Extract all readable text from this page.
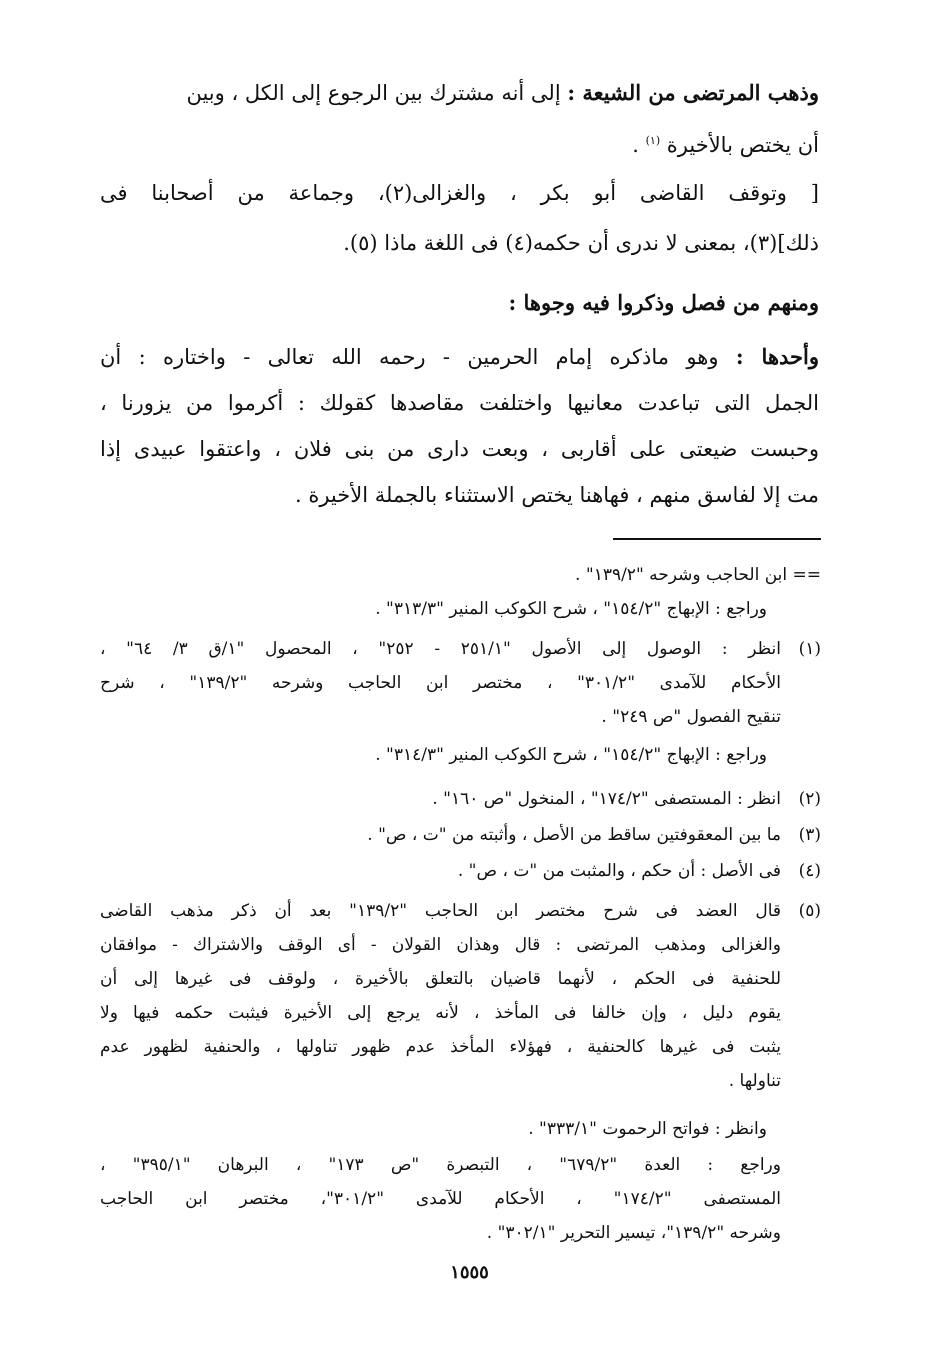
وذهب المرتضى من الشيعة : إلى أنه مشترك بين الرجوع إلى الكل ، وبين
أن يختص بالأخيرة $^{(١)}$ .
[ وتوقف القاضى أبو بكر ، والغزالى(٢)، وجماعة من أصحابنا فى
ذلك](٣)، بمعنى لا ندرى أن حكمه(٤) فى اللغة ماذا (٥).
ومنهم من فصل وذكروا فيه وجوها :
وأحدها : وهو ماذكره إمام الحرمين - رحمه الله تعالى - واختاره : أن
الجمل التى تباعدت معانيها واختلفت مقاصدها كقولك : أكرموا من يزورنا ،
وحبست ضيعتى على أقاربى ، وبعت دارى من بنى فلان ، واعتقوا عبيدى إذا
مت إلا لفاسق منهم ، فهاهنا يختص الاستثناء بالجملة الأخيرة .
== ابن الحاجب وشرحه "١٣٩/٢" .
وراجع : الإبهاج "١٥٤/٢" ، شرح الكوكب المنير "٣١٣/٣" .
(١)
انظر : الوصول إلى الأصول "٢٥١/١ - ٢٥٢" ، المحصول "١/ق ٣/ ٦٤" ،
الأحكام للآمدى "٣٠١/٢" ، مختصر ابن الحاجب وشرحه "١٣٩/٢" ، شرح
تنقيح الفصول "ص ٢٤٩" .
وراجع : الإبهاج "١٥٤/٢" ، شرح الكوكب المنير "٣١٤/٣" .
(٢)
انظر : المستصفى "١٧٤/٢" ، المنخول "ص ١٦٠" .
(٣)
ما بين المعقوفتين ساقط من الأصل ، وأثبته من "ت ، ص" .
(٤)
فى الأصل : أن حكم ، والمثبت من "ت ، ص" .
(٥)
قال العضد فى شرح مختصر ابن الحاجب "١٣٩/٢" بعد أن ذكر مذهب القاضى
والغزالى ومذهب المرتضى : قال وهذان القولان - أى الوقف والاشتراك - موافقان
للحنفية فى الحكم ، لأنهما قاضيان بالتعلق بالأخيرة ، ولوقف فى غيرها إلى أن
يقوم دليل ، وإن خالفا فى المأخذ ، لأنه يرجع إلى الأخيرة فيثبت حكمه فيها ولا
يثبت فى غيرها كالحنفية ، فهؤلاء المأخذ عدم ظهور تناولها ، والحنفية لظهور عدم
تناولها .
وانظر : فواتح الرحموت "٣٣٣/١" .
وراجع : العدة "٦٧٩/٢" ، التبصرة "ص ١٧٣" ، البرهان "٣٩٥/١" ،
المستصفى "١٧٤/٢" ، الأحكام للآمدى "٣٠١/٢"، مختصر ابن الحاجب
وشرحه "١٣٩/٢"، تيسير التحرير "٣٠٢/١" .
١٥٥٥
